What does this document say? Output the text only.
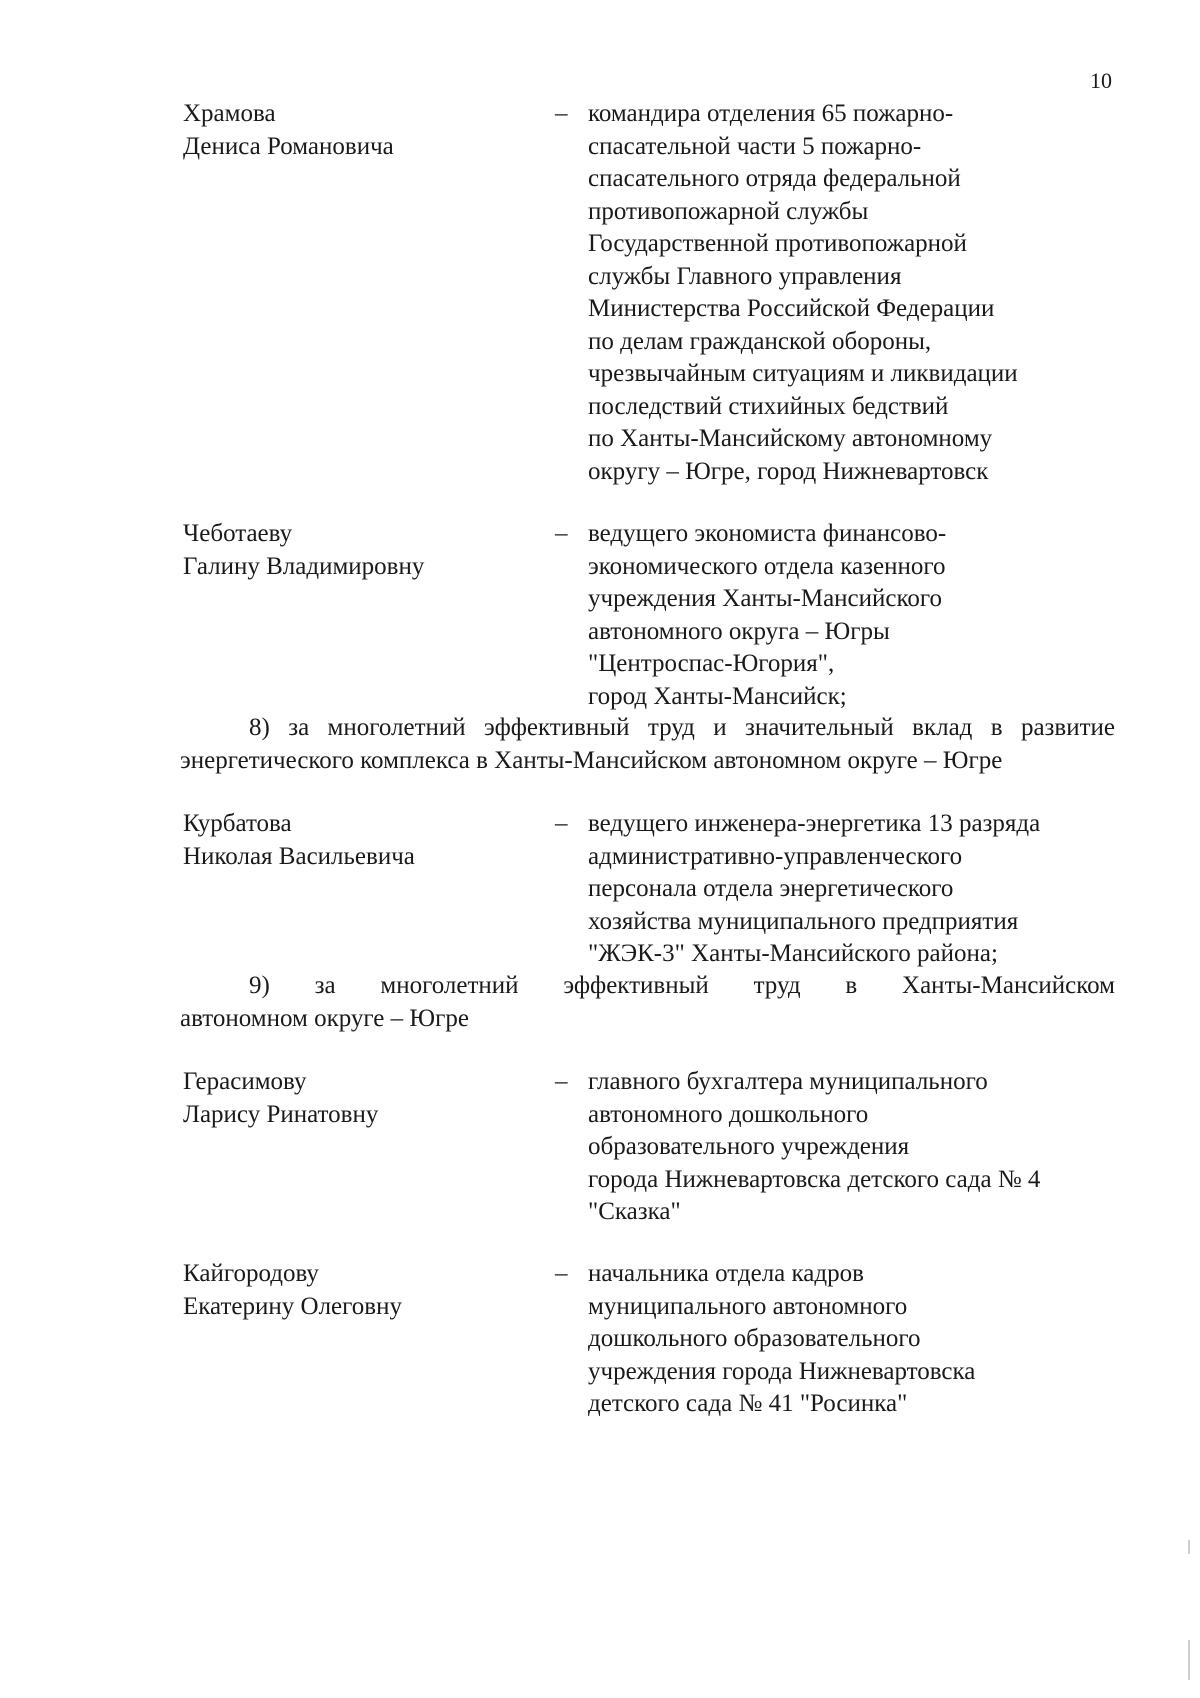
10
Храмова
Дениса Романовича
– командира отделения 65 пожарно-
спасательной части 5 пожарно-
спасательного отряда федеральной
противопожарной службы
Государственной противопожарной
службы Главного управления
Министерства Российской Федерации
по делам гражданской обороны,
чрезвычайным ситуациям и ликвидации
последствий стихийных бедствий
по Ханты-Мансийскому автономному
округу – Югре, город Нижневартовск
Чеботаеву
Галину Владимировну
– ведущего экономиста финансово-
экономического отдела казенного
учреждения Ханты-Мансийского
автономного округа – Югры
"Центроспас-Югория",
город Ханты-Мансийск;
8) за многолетний эффективный труд и значительный вклад в развитие
энергетического комплекса в Ханты-Мансийском автономном округе – Югре
Курбатова
Николая Васильевича
– ведущего инженера-энергетика 13 разряда
административно-управленческого
персонала отдела энергетического
хозяйства муниципального предприятия
"ЖЭК-3" Ханты-Мансийского района;
9) за многолетний эффективный труд в Ханты-Мансийском
автономном округе – Югре
Герасимову
Ларису Ринатовну
– главного бухгалтера муниципального
автономного дошкольного
образовательного учреждения
города Нижневартовска детского сада № 4
"Сказка"
Кайгородову
Екатерину Олеговну
– начальника отдела кадров
муниципального автономного
дошкольного образовательного
учреждения города Нижневартовска
детского сада № 41 "Росинка"
